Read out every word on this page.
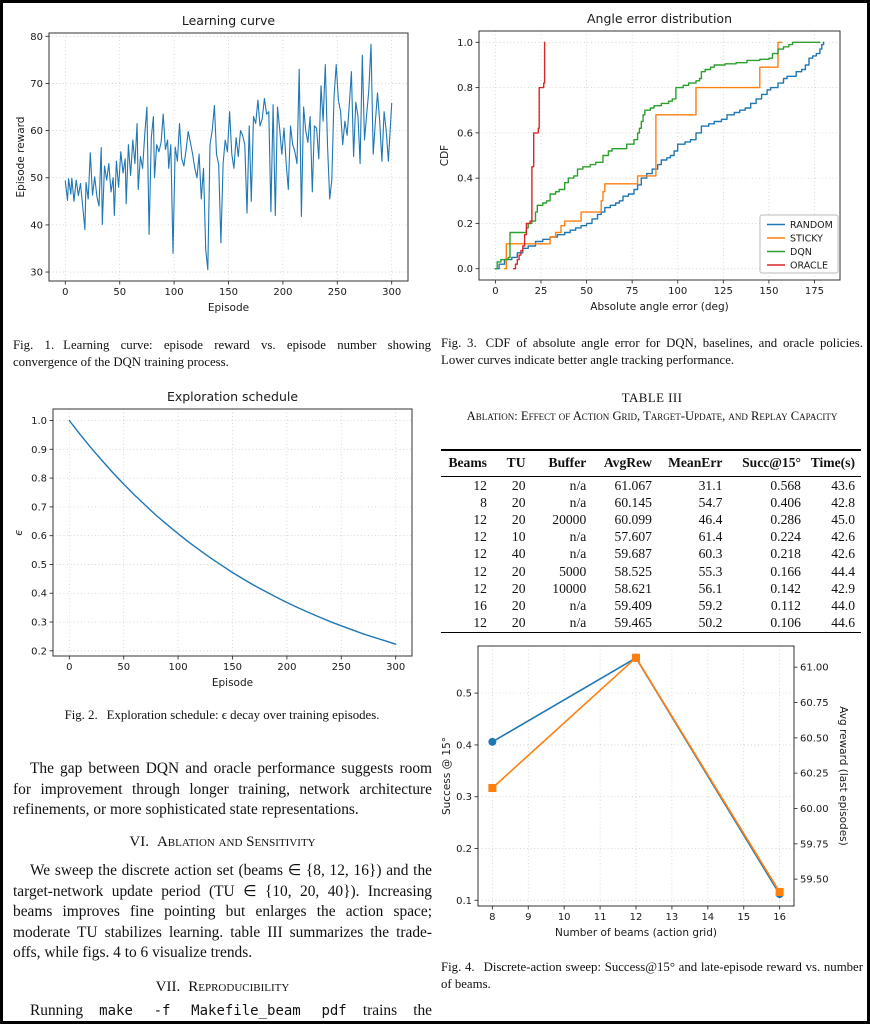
0	50	100	150	200	250	300
30
40
50
60
70
80
Learning curve
Episode
Episode reward

Fig. 1. Learning curve: episode reward vs. episode number showing convergence of the DQN training process.

0	50	100	150	200	250	300
0.2
0.3
0.4
0.5
0.6
0.7
0.8
0.9
1.0
Exploration schedule
Episode
ϵ

Fig. 2. Exploration schedule: ϵ decay over training episodes.

The gap between DQN and oracle performance suggests room for improvement through longer training, network architecture refinements, or more sophisticated state representations.

VI. Ablation and Sensitivity

We sweep the discrete action set (beams ∈ {8, 12, 16}) and the target-network update period (TU ∈ {10, 20, 40}). Increasing beams improves fine pointing but enlarges the action space; moderate TU stabilizes learning. table III summarizes the trade-offs, while figs. 4 to 6 visualize trends.

VII. Reproducibility

Running make -f Makefile_beam pdf trains the

0	25	50	75	100	125	150	175
0.0
0.2
0.4
0.6
0.8
1.0
Angle error distribution
Absolute angle error (deg)
CDF
RANDOM
STICKY
DQN
ORACLE

Fig. 3. CDF of absolute angle error for DQN, baselines, and oracle policies. Lower curves indicate better angle tracking performance.

TABLE III

Ablation: Effect of Action Grid, Target-Update, and Replay Capacity

Beams	TU	Buffer	AvgRew	MeanErr	Succ@15°	Time(s)
12	20	n/a	61.067	31.1	0.568	43.6
8	20	n/a	60.145	54.7	0.406	42.8
12	20	20000	60.099	46.4	0.286	45.0
12	10	n/a	57.607	61.4	0.224	42.6
12	40	n/a	59.687	60.3	0.218	42.6
12	20	5000	58.525	55.3	0.166	44.4
12	20	10000	58.621	56.1	0.142	42.9
16	20	n/a	59.409	59.2	0.112	44.0
12	20	n/a	59.465	50.2	0.106	44.6
8	9	10 11 12 13 14 15 16
0.1
0.2
0.3
0.4
0.5
59.50
59.75
60.00
60.25
60.50
60.75
61.00
Number of beams (action grid)
Success @ 15°	Avg reward (last episodes)

Fig. 4. Discrete-action sweep: Success@15° and late-episode reward vs. number of beams.
